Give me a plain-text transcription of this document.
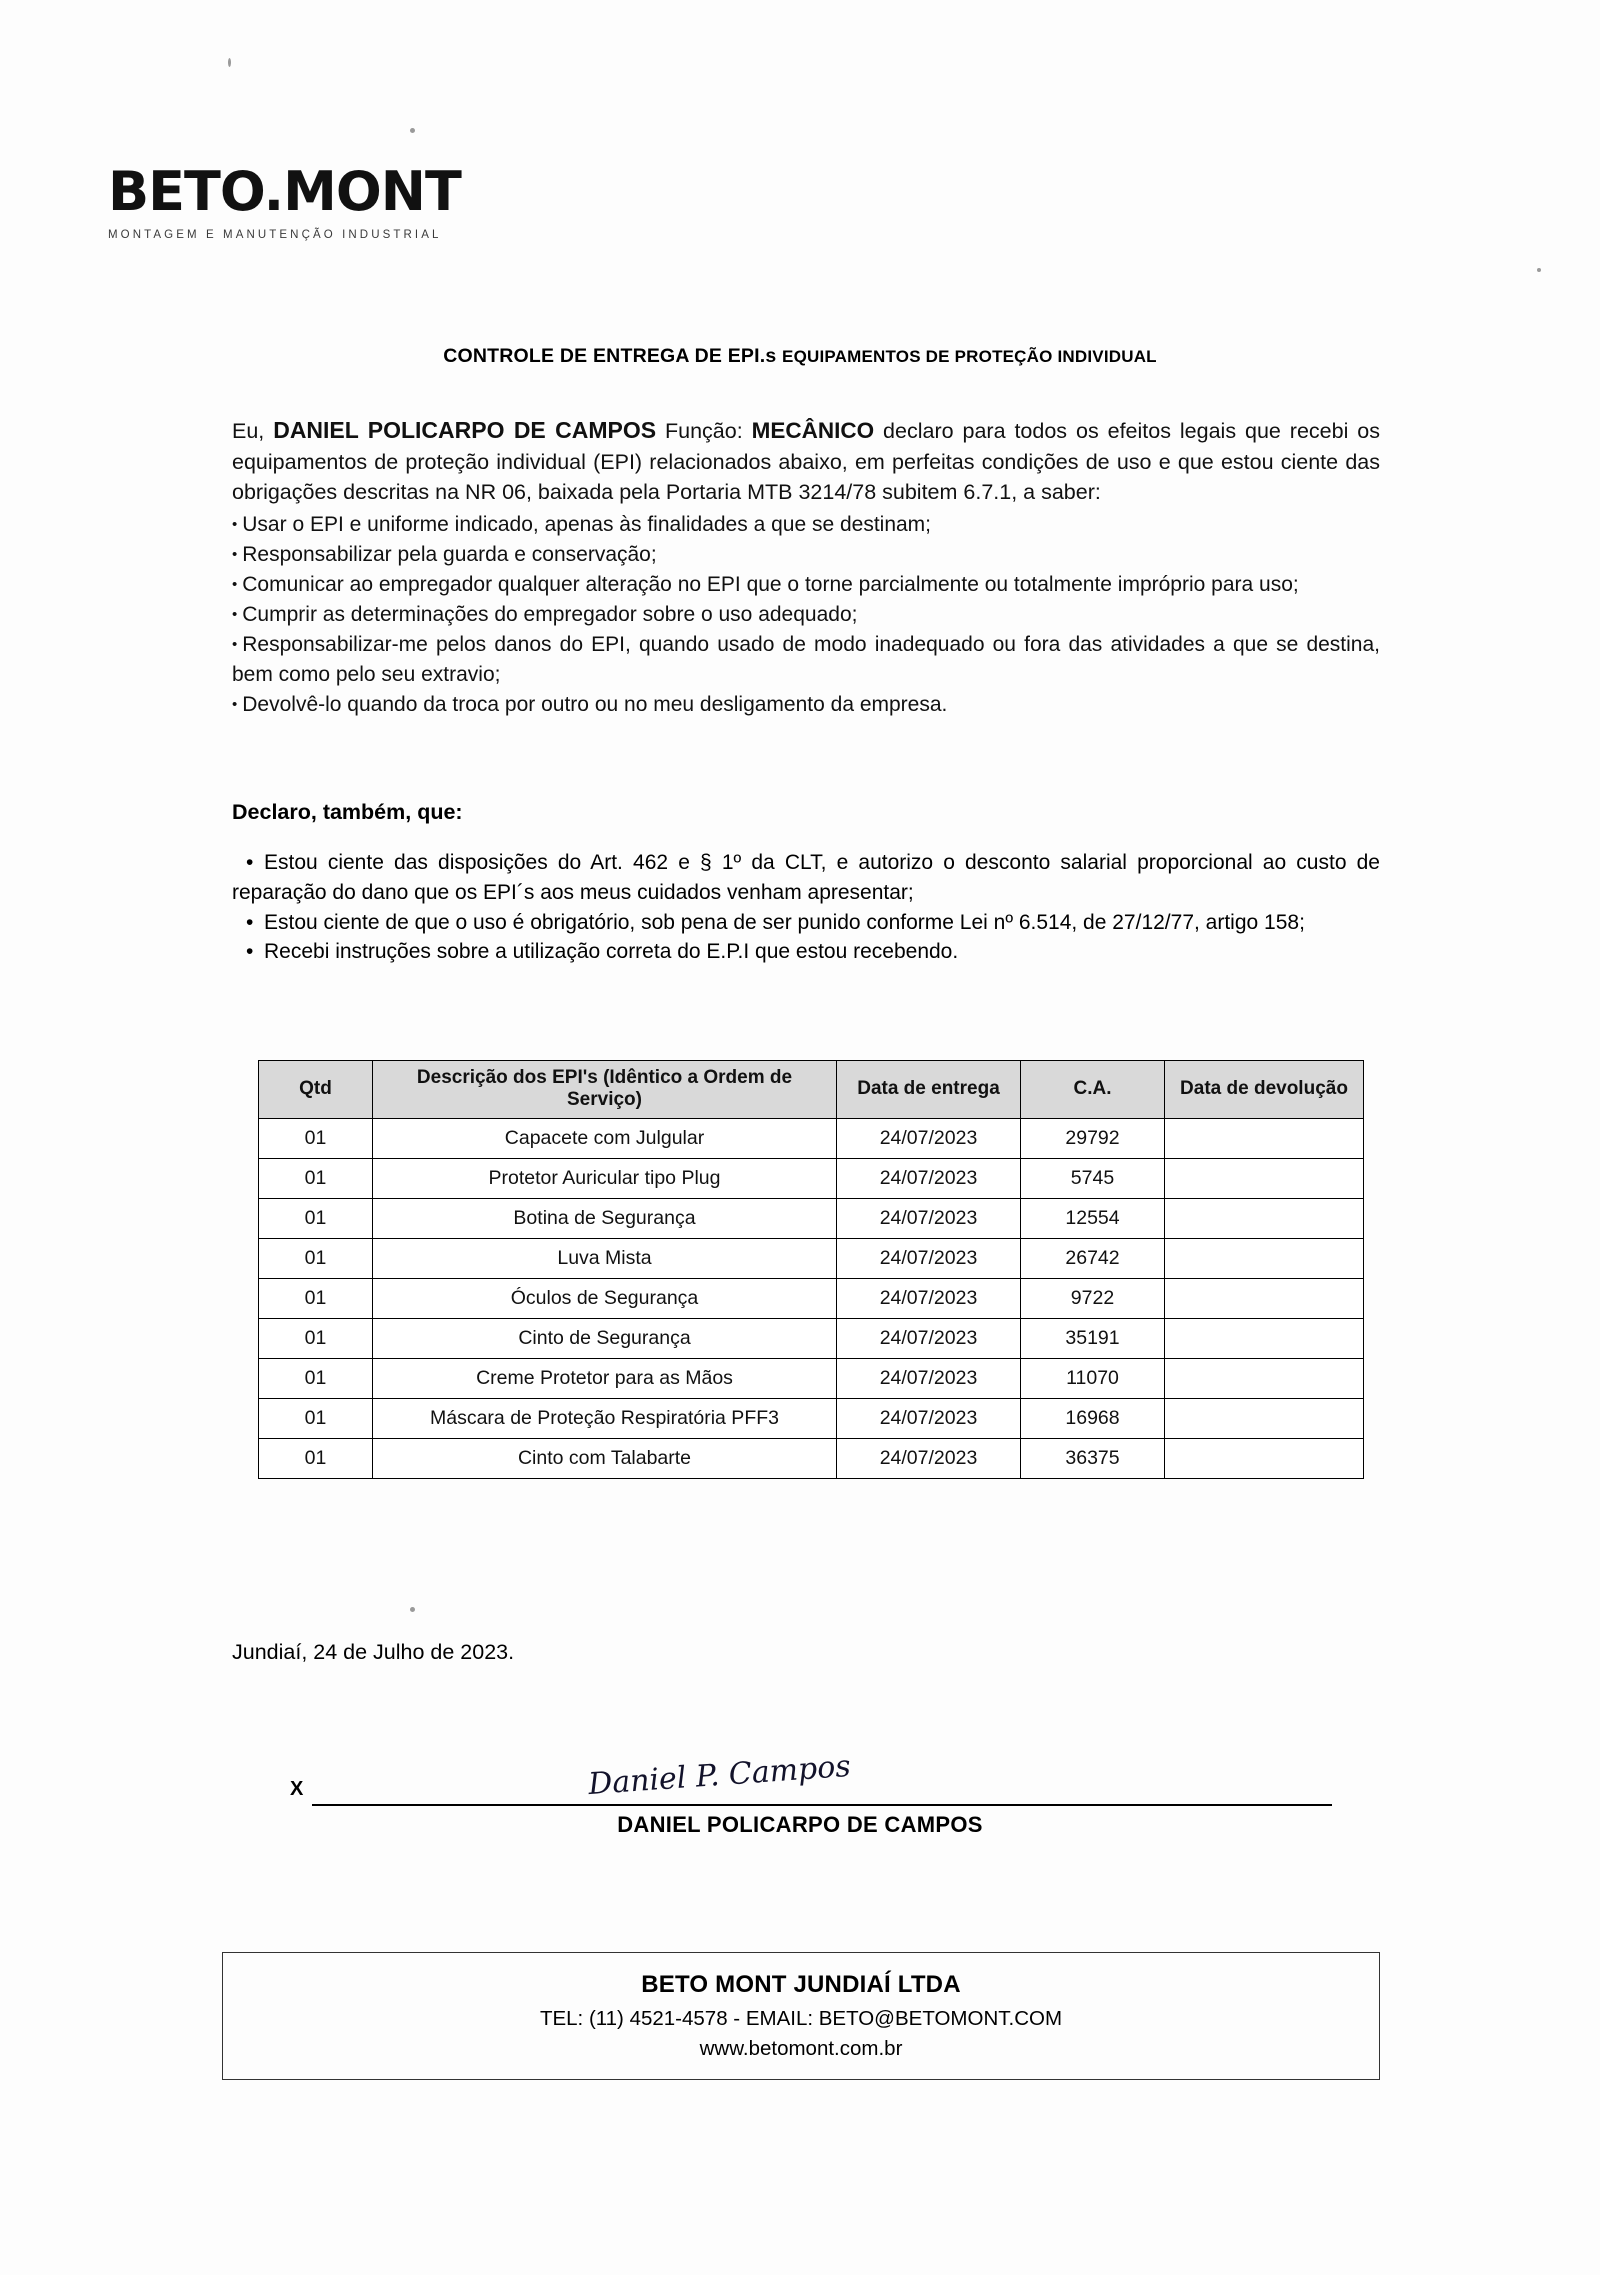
BETO.MONT
MONTAGEM E MANUTENÇÃO INDUSTRIAL
CONTROLE DE ENTREGA DE EPI.s EQUIPAMENTOS DE PROTEÇÃO INDIVIDUAL
Eu, DANIEL POLICARPO DE CAMPOS Função: MECÂNICO declaro para todos os efeitos legais que recebi os equipamentos de proteção individual (EPI) relacionados abaixo, em perfeitas condições de uso e que estou ciente das obrigações descritas na NR 06, baixada pela Portaria MTB 3214/78 subitem 6.7.1, a saber:
• Usar o EPI e uniforme indicado, apenas às finalidades a que se destinam;
• Responsabilizar pela guarda e conservação;
• Comunicar ao empregador qualquer alteração no EPI que o torne parcialmente ou totalmente impróprio para uso;
• Cumprir as determinações do empregador sobre o uso adequado;
• Responsabilizar-me pelos danos do EPI, quando usado de modo inadequado ou fora das atividades a que se destina, bem como pelo seu extravio;
• Devolvê-lo quando da troca por outro ou no meu desligamento da empresa.
Declaro, também, que:
• Estou ciente das disposições do Art. 462 e § 1º da CLT, e autorizo o desconto salarial proporcional ao custo de reparação do dano que os EPI´s aos meus cuidados venham apresentar;
• Estou ciente de que o uso é obrigatório, sob pena de ser punido conforme Lei nº 6.514, de 27/12/77, artigo 158;
• Recebi instruções sobre a utilização correta do E.P.I que estou recebendo.
Qtd	Descrição dos EPI's (Idêntico a Ordem de Serviço)	Data de entrega	C.A.	Data de devolução
01	Capacete com Julgular	24/07/2023	29792	
01	Protetor Auricular tipo Plug	24/07/2023	5745	
01	Botina de Segurança	24/07/2023	12554	
01	Luva Mista	24/07/2023	26742	
01	Óculos de Segurança	24/07/2023	9722	
01	Cinto de Segurança	24/07/2023	35191	
01	Creme Protetor para as Mãos	24/07/2023	11070	
01	Máscara de Proteção Respiratória PFF3	24/07/2023	16968	
01	Cinto com Talabarte	24/07/2023	36375	
Jundiaí, 24 de Julho de 2023.
X	Daniel P. Campos
DANIEL POLICARPO DE CAMPOS
BETO MONT JUNDIAÍ LTDA
TEL: (11) 4521-4578 - EMAIL: BETO@BETOMONT.COM
www.betomont.com.br
